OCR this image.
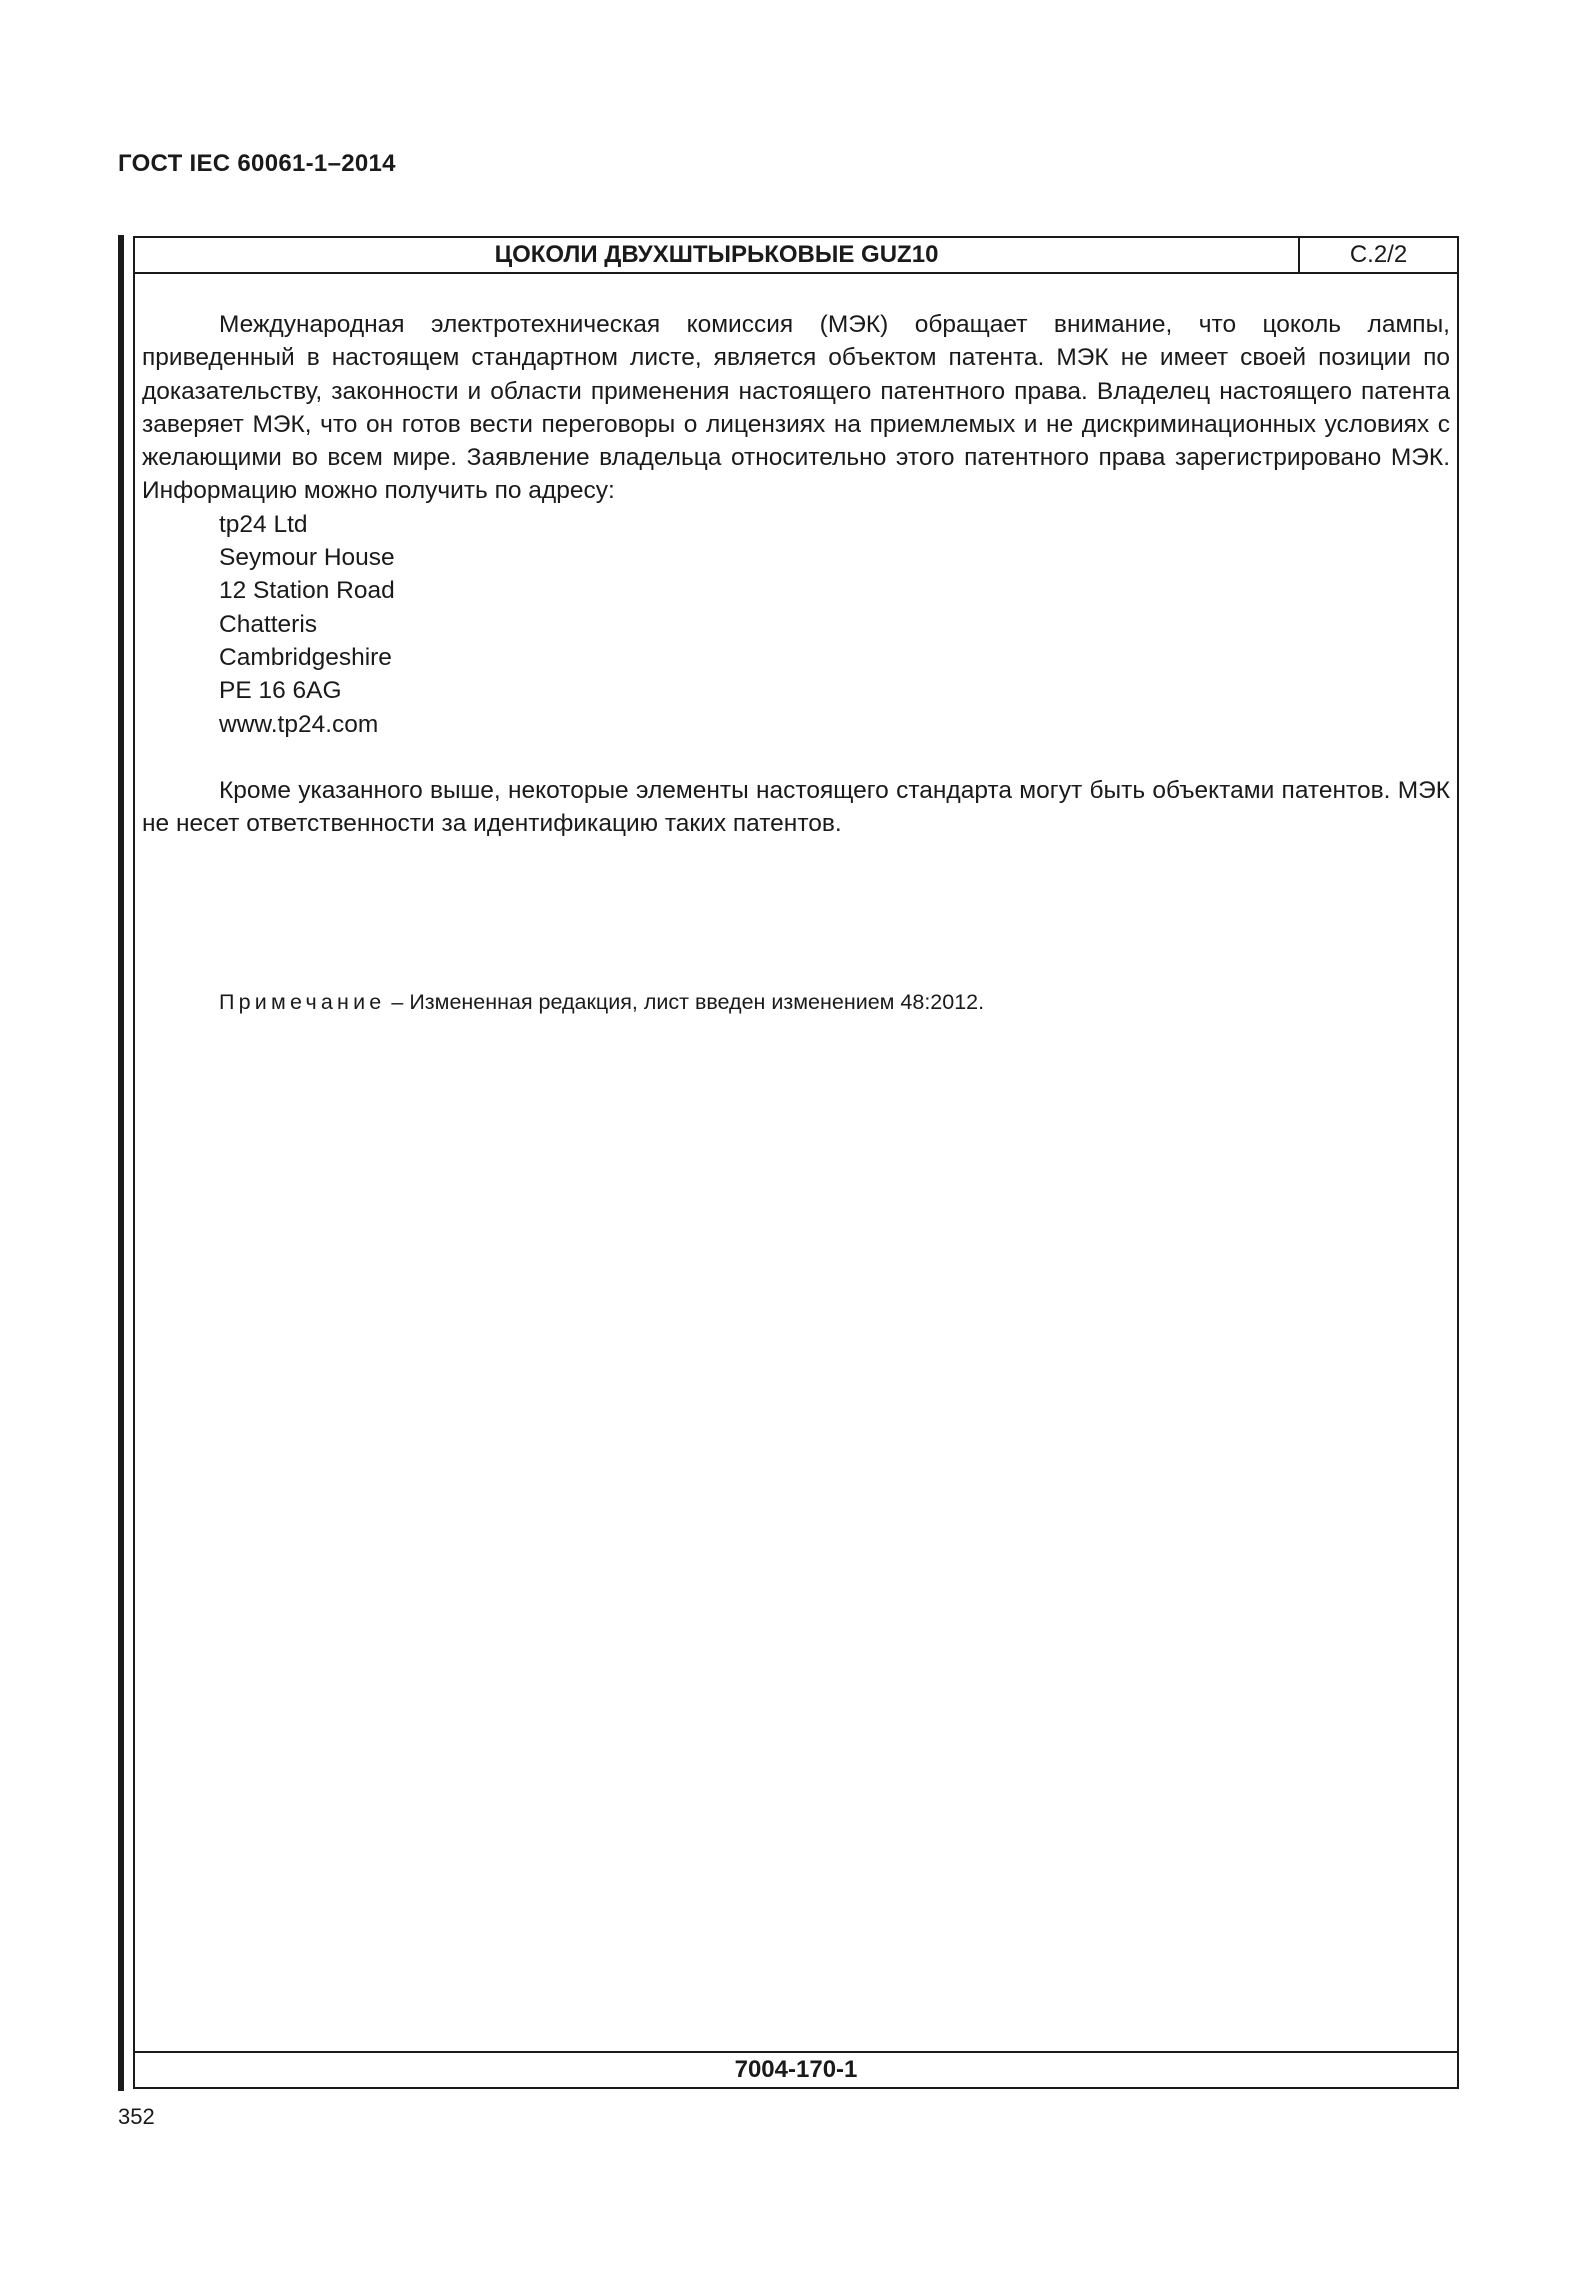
ГОСТ IEC 60061-1–2014
ЦОКОЛИ ДВУХШТЫРЬКОВЫЕ GUZ10	С.2/2

Международная электротехническая комиссия (МЭК) обращает внимание, что цоколь лампы, приведенный в настоящем стандартном листе, является объектом патента. МЭК не имеет своей позиции по доказательству, законности и области применения настоящего патентного права. Владелец настоящего патента заверяет МЭК, что он готов вести переговоры о лицензиях на приемлемых и не дискриминационных условиях с желающими во всем мире. Заявление владельца относительно этого патентного права зарегистрировано МЭК. Информацию можно получить по адресу:

tp24 Ltd
Seymour House
12 Station Road
Chatteris
Cambridgeshire
PE 16 6AG
www.tp24.com

Кроме указанного выше, некоторые элементы настоящего стандарта могут быть объектами патентов. МЭК не несет ответственности за идентификацию таких патентов.

Примечание – Измененная редакция, лист введен изменением 48:2012.
7004-170-1
352
